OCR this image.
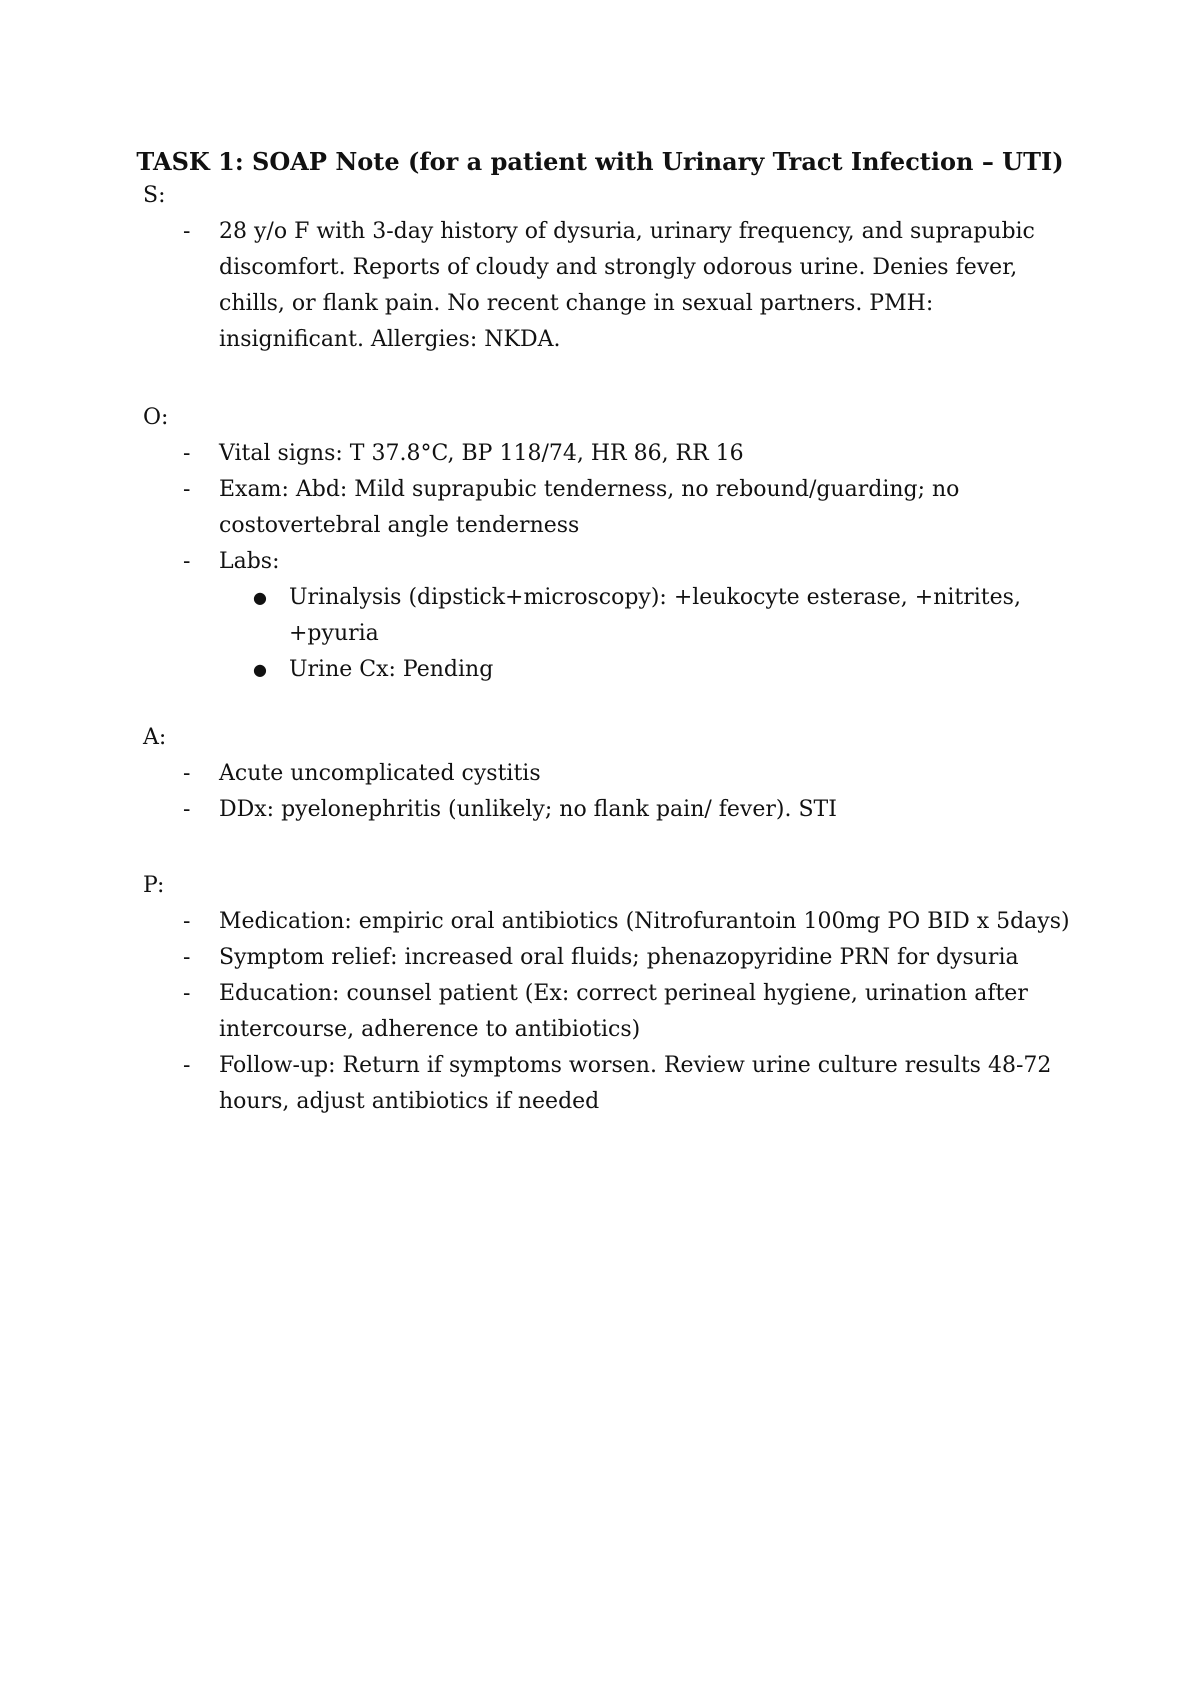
TASK 1: SOAP Note (for a patient with Urinary Tract Infection – UTI)
S:
- 28 y/o F with 3-day history of dysuria, urinary frequency, and suprapubic discomfort. Reports of cloudy and strongly odorous urine. Denies fever, chills, or flank pain. No recent change in sexual partners. PMH: insignificant. Allergies: NKDA.
O:
- Vital signs: T 37.8°C, BP 118/74, HR 86, RR 16
- Exam: Abd: Mild suprapubic tenderness, no rebound/guarding; no costovertebral angle tenderness
- Labs:
● Urinalysis (dipstick+microscopy): +leukocyte esterase, +nitrites, +pyuria
● Urine Cx: Pending
A:
- Acute uncomplicated cystitis
- DDx: pyelonephritis (unlikely; no flank pain/ fever). STI
P:
- Medication: empiric oral antibiotics (Nitrofurantoin 100mg PO BID x 5days)
- Symptom relief: increased oral fluids; phenazopyridine PRN for dysuria
- Education: counsel patient (Ex: correct perineal hygiene, urination after intercourse, adherence to antibiotics)
- Follow-up: Return if symptoms worsen. Review urine culture results 48-72 hours, adjust antibiotics if needed
